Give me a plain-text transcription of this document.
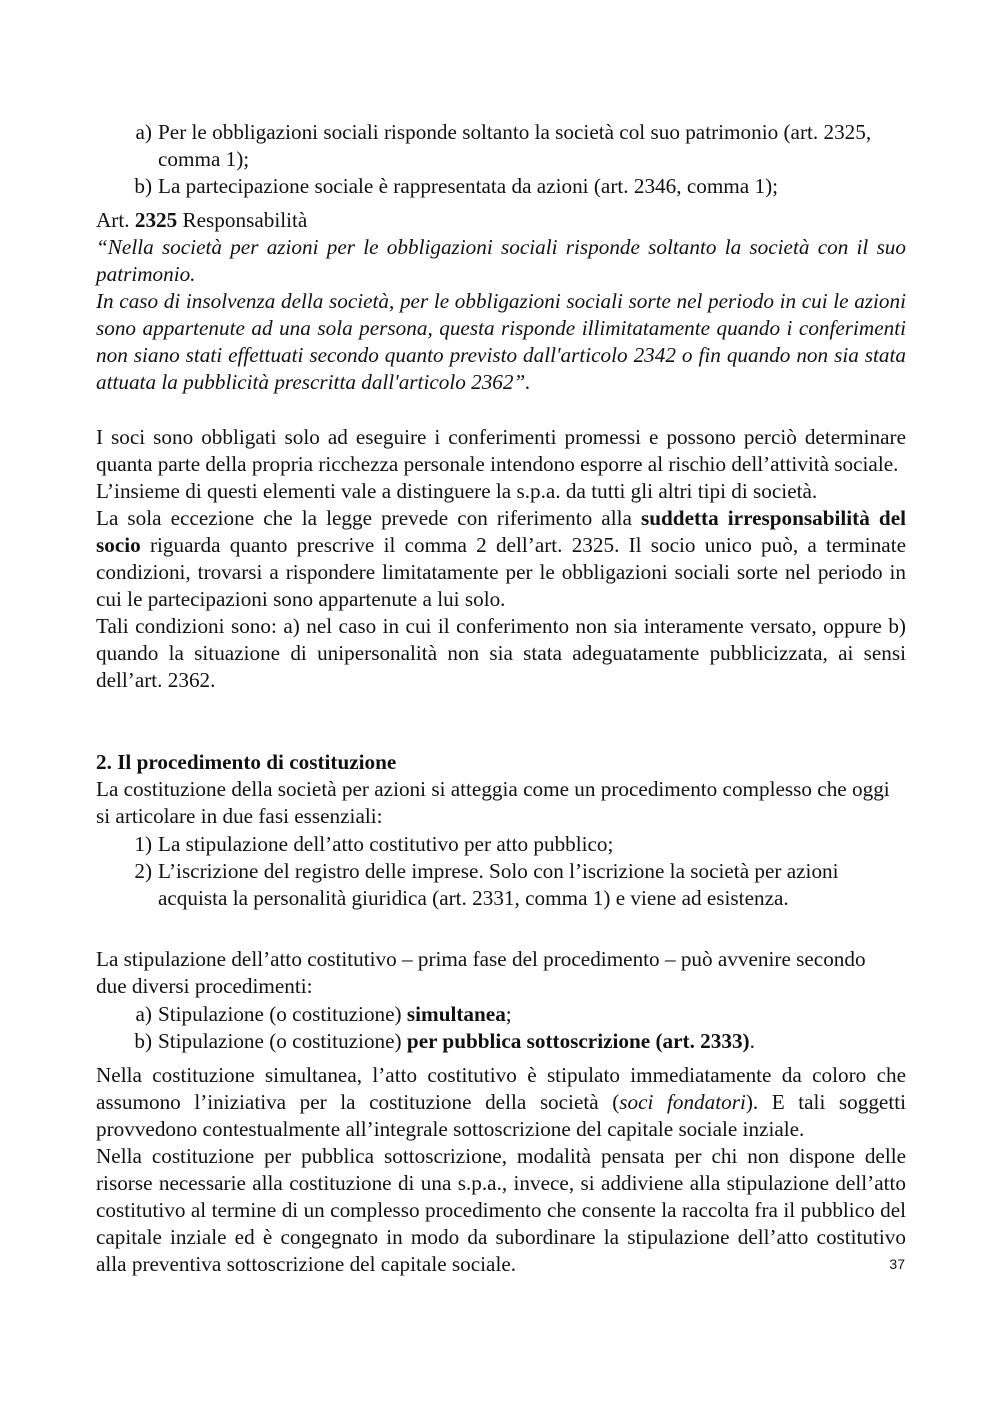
a) Per le obbligazioni sociali risponde soltanto la società col suo patrimonio (art. 2325, comma 1);
b) La partecipazione sociale è rappresentata da azioni (art. 2346, comma 1);

Art. 2325 Responsabilità

“Nella società per azioni per le obbligazioni sociali risponde soltanto la società con il suo patrimonio.

In caso di insolvenza della società, per le obbligazioni sociali sorte nel periodo in cui le azioni sono appartenute ad una sola persona, questa risponde illimitatamente quando i conferimenti non siano stati effettuati secondo quanto previsto dall'articolo 2342 o fin quando non sia stata attuata la pubblicità prescritta dall'articolo 2362”.

I soci sono obbligati solo ad eseguire i conferimenti promessi e possono perciò determinare quanta parte della propria ricchezza personale intendono esporre al rischio dell’attività sociale.

L’insieme di questi elementi vale a distinguere la s.p.a. da tutti gli altri tipi di società.

La sola eccezione che la legge prevede con riferimento alla suddetta irresponsabilità del socio riguarda quanto prescrive il comma 2 dell’art. 2325. Il socio unico può, a terminate condizioni, trovarsi a rispondere limitatamente per le obbligazioni sociali sorte nel periodo in cui le partecipazioni sono appartenute a lui solo.

Tali condizioni sono: a) nel caso in cui il conferimento non sia interamente versato, oppure b) quando la situazione di unipersonalità non sia stata adeguatamente pubblicizzata, ai sensi dell’art. 2362.

2. Il procedimento di costituzione

La costituzione della società per azioni si atteggia come un procedimento complesso che oggi si articolare in due fasi essenziali:

1) La stipulazione dell’atto costitutivo per atto pubblico;
2) L’iscrizione del registro delle imprese. Solo con l’iscrizione la società per azioni acquista la personalità giuridica (art. 2331, comma 1) e viene ad esistenza.

La stipulazione dell’atto costitutivo – prima fase del procedimento – può avvenire secondo due diversi procedimenti:

a) Stipulazione (o costituzione) simultanea;
b) Stipulazione (o costituzione) per pubblica sottoscrizione (art. 2333).

Nella costituzione simultanea, l’atto costitutivo è stipulato immediatamente da coloro che assumono l’iniziativa per la costituzione della società (soci fondatori). E tali soggetti provvedono contestualmente all’integrale sottoscrizione del capitale sociale inziale.

Nella costituzione per pubblica sottoscrizione, modalità pensata per chi non dispone delle risorse necessarie alla costituzione di una s.p.a., invece, si addiviene alla stipulazione dell’atto costitutivo al termine di un complesso procedimento che consente la raccolta fra il pubblico del capitale inziale ed è congegnato in modo da subordinare la stipulazione dell’atto costitutivo alla preventiva sottoscrizione del capitale sociale.	37
